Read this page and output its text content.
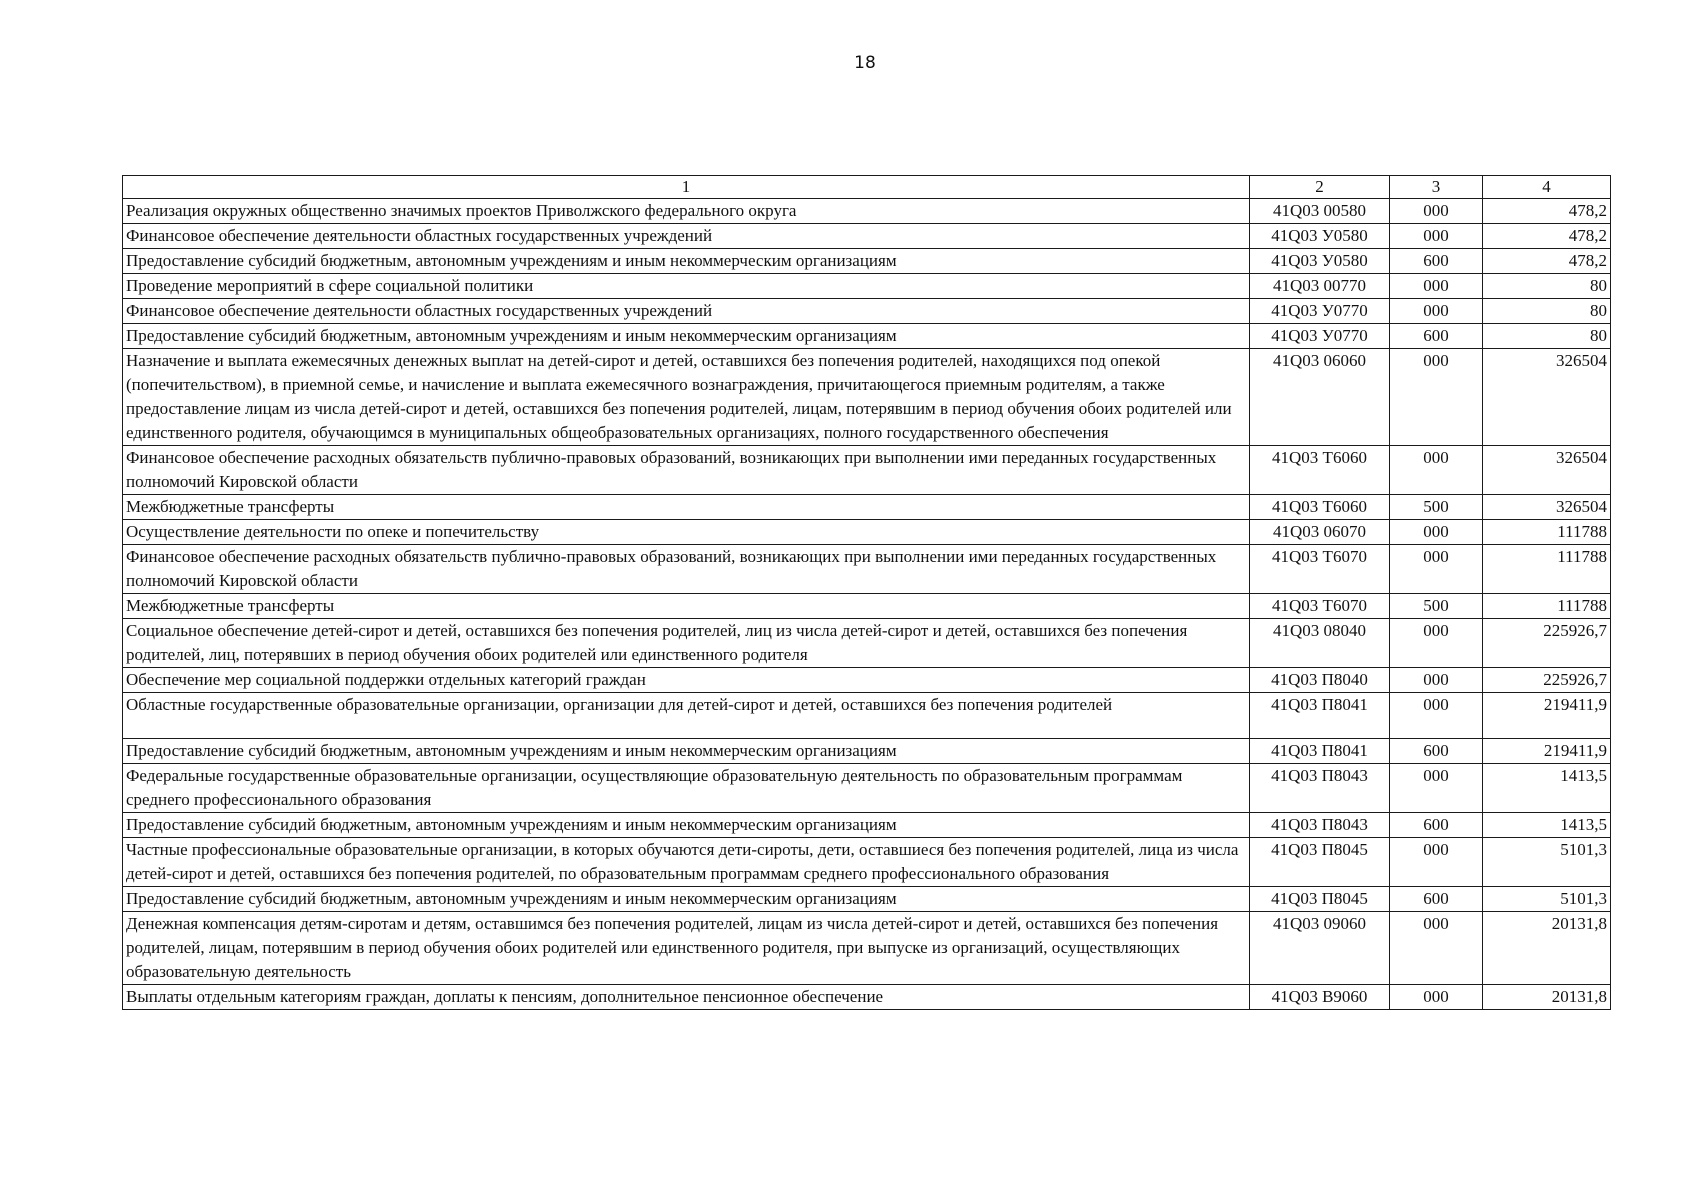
18
1	2	3	4
Реализация окружных общественно значимых проектов Приволжского федерального округа	41Q03 00580	000	478,2
Финансовое обеспечение деятельности областных государственных учреждений	41Q03 У0580	000	478,2
Предоставление субсидий бюджетным, автономным учреждениям и иным некоммерческим организациям	41Q03 У0580	600	478,2
Проведение мероприятий в сфере социальной политики	41Q03 00770	000	80
Финансовое обеспечение деятельности областных государственных учреждений	41Q03 У0770	000	80
Предоставление субсидий бюджетным, автономным учреждениям и иным некоммерческим организациям	41Q03 У0770	600	80
Назначение и выплата ежемесячных денежных выплат на детей-сирот и детей, оставшихся без попечения родителей, находящихся под опекой (попечительством), в приемной семье, и начисление и выплата ежемесячного вознаграждения, причитающегося приемным родителям, а также предоставление лицам из числа детей-сирот и детей, оставшихся без попечения родителей, лицам, потерявшим в период обучения обоих родителей или единственного родителя, обучающимся в муниципальных общеобразовательных организациях, полного государственного обеспечения	41Q03 06060	000	326504
Финансовое обеспечение расходных обязательств публично-правовых образований, возникающих при выполнении ими переданных государственных полномочий Кировской области	41Q03 Т6060	000	326504
Межбюджетные трансферты	41Q03 Т6060	500	326504
Осуществление деятельности по опеке и попечительству	41Q03 06070	000	111788
Финансовое обеспечение расходных обязательств публично-правовых образований, возникающих при выполнении ими переданных государственных полномочий Кировской области	41Q03 Т6070	000	111788
Межбюджетные трансферты	41Q03 Т6070	500	111788
Социальное обеспечение детей-сирот и детей, оставшихся без попечения родителей, лиц из числа детей-сирот и детей, оставшихся без попечения родителей, лиц, потерявших в период обучения обоих родителей или единственного родителя	41Q03 08040	000	225926,7
Обеспечение мер социальной поддержки отдельных категорий граждан	41Q03 П8040	000	225926,7
Областные государственные образовательные организации, организации для детей-сирот и детей, оставшихся без попечения родителей	41Q03 П8041	000	219411,9
Предоставление субсидий бюджетным, автономным учреждениям и иным некоммерческим организациям	41Q03 П8041	600	219411,9
Федеральные государственные образовательные организации, осуществляющие образовательную деятельность по образовательным программам среднего профессионального образования	41Q03 П8043	000	1413,5
Предоставление субсидий бюджетным, автономным учреждениям и иным некоммерческим организациям	41Q03 П8043	600	1413,5
Частные профессиональные образовательные организации, в которых обучаются дети-сироты, дети, оставшиеся без попечения родителей, лица из числа детей-сирот и детей, оставшихся без попечения родителей, по образовательным программам среднего профессионального образования	41Q03 П8045	000	5101,3
Предоставление субсидий бюджетным, автономным учреждениям и иным некоммерческим организациям	41Q03 П8045	600	5101,3
Денежная компенсация детям-сиротам и детям, оставшимся без попечения родителей, лицам из числа детей-сирот и детей, оставшихся без попечения родителей, лицам, потерявшим в период обучения обоих родителей или единственного родителя, при выпуске из организаций, осуществляющих образовательную деятельность	41Q03 09060	000	20131,8
Выплаты отдельным категориям граждан, доплаты к пенсиям, дополнительное пенсионное обеспечение	41Q03 В9060	000	20131,8
